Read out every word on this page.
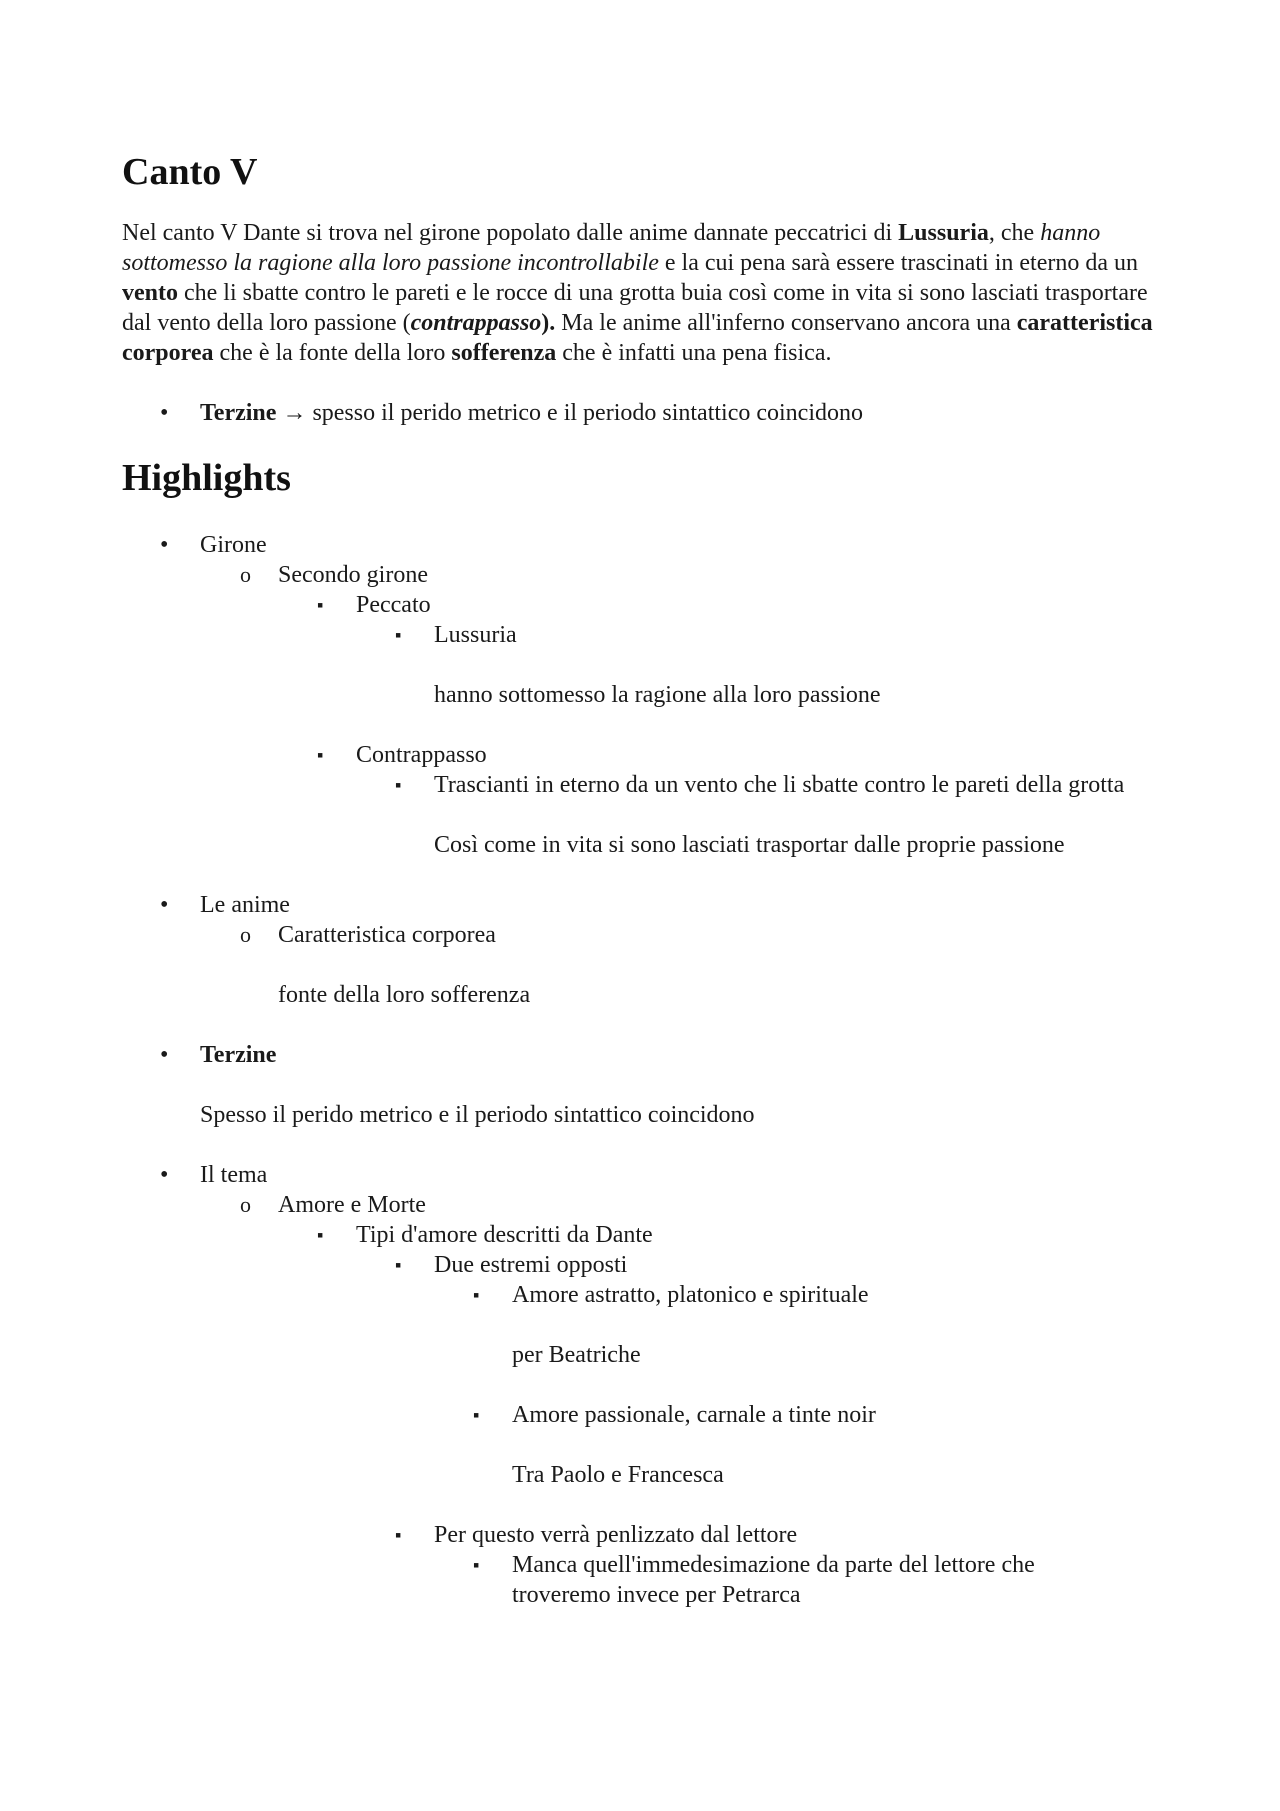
Canto V

Nel canto V Dante si trova nel girone popolato dalle anime dannate peccatrici di Lussuria, che hanno sottomesso la ragione alla loro passione incontrollabile e la cui pena sarà essere trascinati in eterno da un vento che li sbatte contro le pareti e le rocce di una grotta buia così come in vita si sono lasciati trasportare dal vento della loro passione (contrappasso). Ma le anime all'inferno conservano ancora una caratteristica corporea che è la fonte della loro sofferenza che è infatti una pena fisica.

• Terzine → spesso il perido metrico e il periodo sintattico coincidono
Highlights
• Girone
o Secondo girone
▪ Peccato
▪ Lussuria
hanno sottomesso la ragione alla loro passione
▪ Contrappasso
▪ Trascianti in eterno da un vento che li sbatte contro le pareti della grotta
Così come in vita si sono lasciati trasportar dalle proprie passione
• Le anime
o Caratteristica corporea
fonte della loro sofferenza
• Terzine
Spesso il perido metrico e il periodo sintattico coincidono
• Il tema
o Amore e Morte
▪ Tipi d'amore descritti da Dante
▪ Due estremi opposti
▪ Amore astratto, platonico e spirituale
per Beatriche
▪ Amore passionale, carnale a tinte noir
Tra Paolo e Francesca
▪ Per questo verrà penlizzato dal lettore
▪ Manca quell'immedesimazione da parte del lettore che troveremo invece per Petrarca
